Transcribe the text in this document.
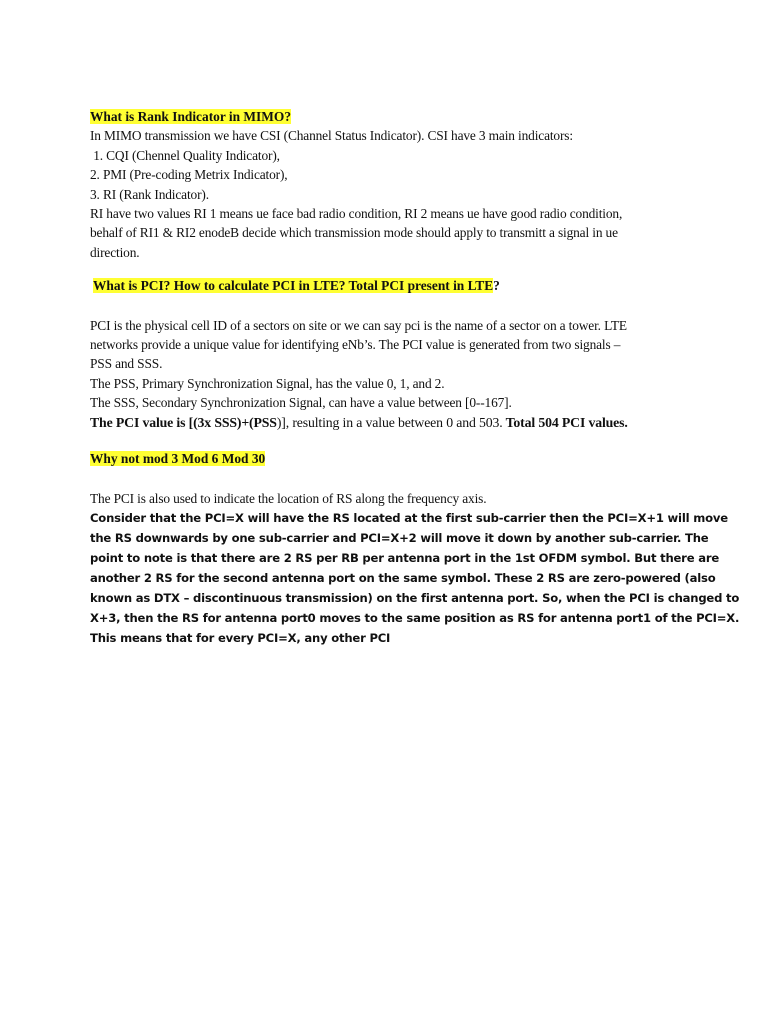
What is Rank Indicator in MIMO?
In MIMO transmission we have CSI (Channel Status Indicator). CSI have 3 main indicators:
1. CQI (Chennel Quality Indicator),
2. PMI (Pre-coding Metrix Indicator),
3. RI (Rank Indicator).
RI have two values RI 1 means ue face bad radio condition, RI 2 means ue have good radio condition,
behalf of RI1 & RI2 enodeB decide which transmission mode should apply to transmitt a signal in ue
direction.
What is PCI? How to calculate PCI in LTE? Total PCI present in LTE?
PCI is the physical cell ID of a sectors on site or we can say pci is the name of a sector on a tower. LTE
networks provide a unique value for identifying eNb’s. The PCI value is generated from two signals –
PSS and SSS.
The PSS, Primary Synchronization Signal, has the value 0, 1, and 2.
The SSS, Secondary Synchronization Signal, can have a value between [0--167].
The PCI value is [(3x SSS)+(PSS)], resulting in a value between 0 and 503. Total 504 PCI values.
Why not mod 3 Mod 6 Mod 30
The PCI is also used to indicate the location of RS along the frequency axis.
Consider that the PCI=X will have the RS located at the first sub-carrier then the PCI=X+1 will move
the RS downwards by one sub-carrier and PCI=X+2 will move it down by another sub-carrier. The
point to note is that there are 2 RS per RB per antenna port in the 1st OFDM symbol. But there are
another 2 RS for the second antenna port on the same symbol. These 2 RS are zero-powered (also
known as DTX – discontinuous transmission) on the first antenna port. So, when the PCI is changed to
X+3, then the RS for antenna port0 moves to the same position as RS for antenna port1 of the PCI=X.
This means that for every PCI=X, any other PCI
